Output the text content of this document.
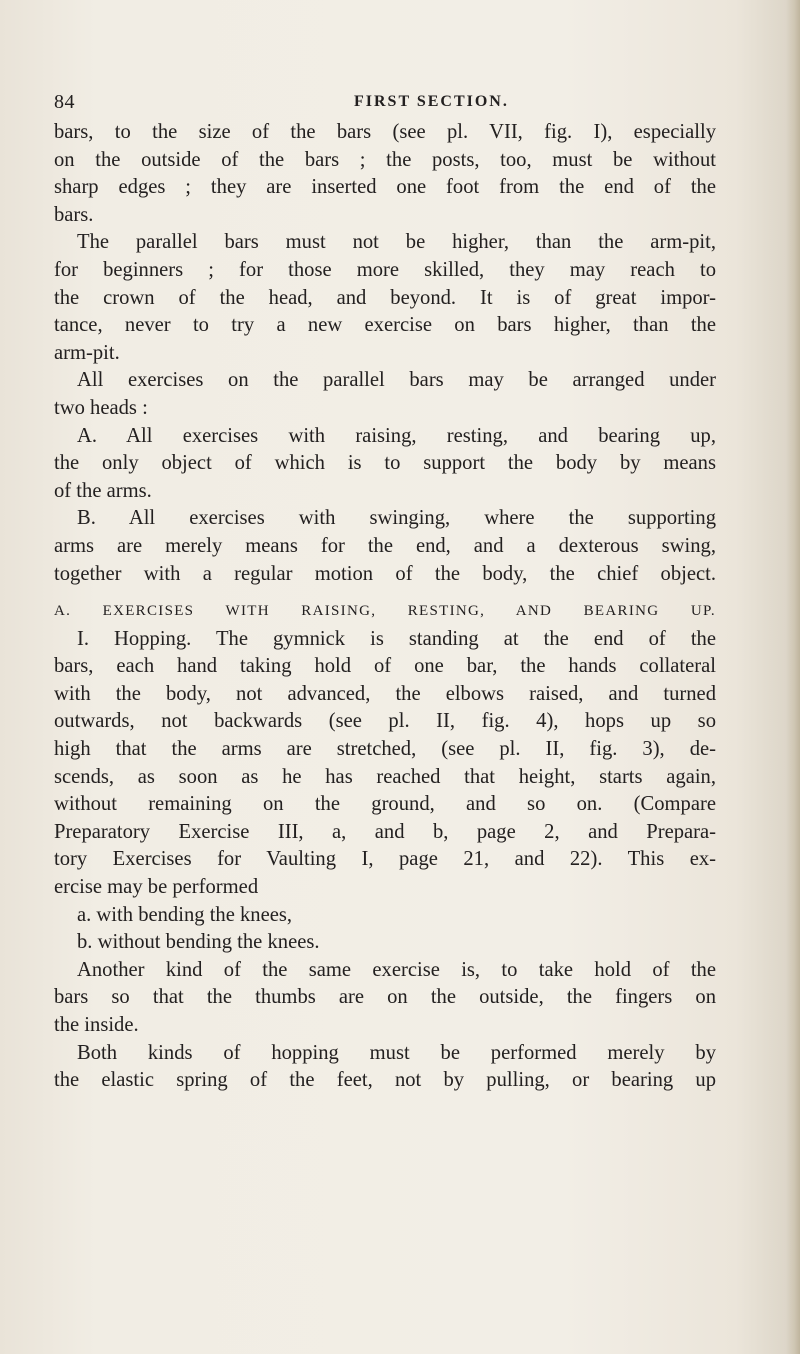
84	FIRST SECTION.
bars, to the size of the bars (see pl. VII, fig. I), especially
on the outside of the bars ; the posts, too, must be without
sharp edges ; they are inserted one foot from the end of the
bars.
The parallel bars must not be higher, than the arm-pit,
for beginners ; for those more skilled, they may reach to
the crown of the head, and beyond. It is of great impor-
tance, never to try a new exercise on bars higher, than the
arm-pit.
All exercises on the parallel bars may be arranged under
two heads :
A. All exercises with raising, resting, and bearing up,
the only object of which is to support the body by means
of the arms.
B. All exercises with swinging, where the supporting
arms are merely means for the end, and a dexterous swing,
together with a regular motion of the body, the chief object.
A. EXERCISES WITH RAISING, RESTING, AND BEARING UP.
I. Hopping. The gymnick is standing at the end of the
bars, each hand taking hold of one bar, the hands collateral
with the body, not advanced, the elbows raised, and turned
outwards, not backwards (see pl. II, fig. 4), hops up so
high that the arms are stretched, (see pl. II, fig. 3), de-
scends, as soon as he has reached that height, starts again,
without remaining on the ground, and so on. (Compare
Preparatory Exercise III, a, and b, page 2, and Prepara-
tory Exercises for Vaulting I, page 21, and 22). This ex-
ercise may be performed
a. with bending the knees,
b. without bending the knees.
Another kind of the same exercise is, to take hold of the
bars so that the thumbs are on the outside, the fingers on
the inside.
Both kinds of hopping must be performed merely by
the elastic spring of the feet, not by pulling, or bearing up
